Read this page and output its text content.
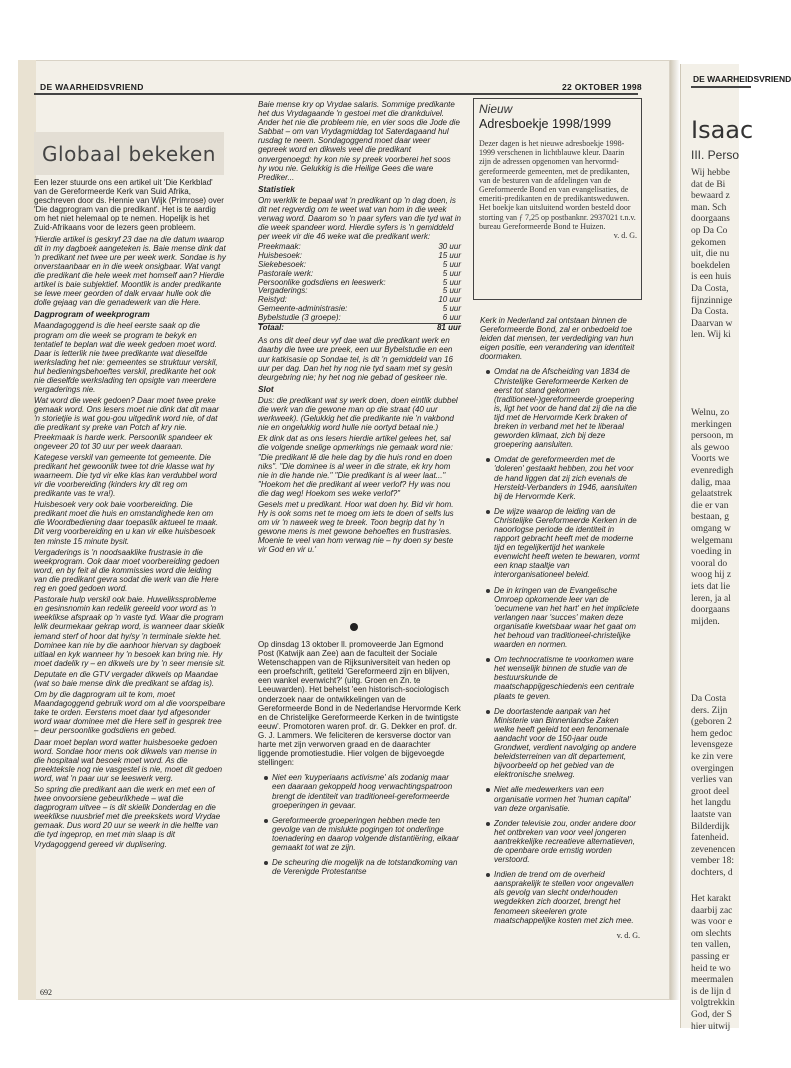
DE WAARHEIDSVRIEND	22 OKTOBER 1998
Globaal bekeken

Een lezer stuurde ons een artikel uit 'Die Kerkblad' van de Gereformeerde Kerk van Suid Afrika, geschreven door ds. Hennie van Wijk (Primrose) over 'Die dagprogram van die predikant'. Het is te aardig om het niet helemaal op te nemen. Hopelijk is het Zuid-Afrikaans voor de lezers geen probleem.

'Hierdie artikel is geskryf 23 dae na die datum waarop dit in my dagboek aangeteken is. Baie mense dink dat 'n predikant net twee ure per week werk. Sondae is hy onverstaanbaar en in die week onsigbaar. Wat vangt die predikant die hele week met homself aan? Hierdie artikel is baie subjektief. Moontlik is ander predikante se lewe meer georden of dalk ervaar hulle ook die dolle gejaag van die genadewerk van die Here.

Dagprogram of weekprogram

Maandagoggend is die heel eerste saak op die program om die week se program te bekyk en tentatief te beplan wat die week gedoen moet word. Daar is letterlik nie twee predikante wat dieselfde werkslading het nie: gemeentes se struktuur verskil, hul bedieningsbehoeftes verskil, predikante het ook nie dieselfde werkslading ten opsigte van meerdere vergaderings nie.

Wat word die week gedoen? Daar moet twee preke gemaak word. Ons lesers moet nie dink dat dit maar 'n storietjie is wat gou-gou uitgedink word nie, of dat die predikant sy preke van Potch af kry nie. Preekmaak is harde werk. Persoonlik spandeer ek ongeveer 20 tot 30 uur per week daaraan.

Kategese verskil van gemeente tot gemeente. Die predikant het gewoonlik twee tot drie klasse wat hy waarneem. Die tyd vir elke klas kan verdubbel word vir die voorbereiding (kinders kry dit reg om predikante vas te vra!).

Huisbesoek very ook baie voorbereiding. Die predikant moet die huis en omstandighede ken om die Woordbediening daar toepaslik aktueel te maak. Dit verg voorbereiding en u kan vir elke huisbesoek ten minste 15 minute bysit.

Vergaderings is 'n noodsaaklike frustrasie in die weekprogram. Ook daar moet voorbereiding gedoen word, en by feit al die kommissies word die leiding van die predikant gevra sodat die werk van die Here reg en goed gedoen word.

Pastorale hulp verskil ook baie. Huwelikssprobleme en gesinsnomin kan redelik gereeld voor word as 'n weeklikse afspraak op 'n vaste tyd. Waar die program lelik deurmekaar gekrap word, is wanneer daar skielik iemand sterf of hoor dat hy/sy 'n terminale siekte het. Dominee kan nie by die aanhoor hiervan sy dagboek uitlaal en kyk wanneer hy 'n besoek kan bring nie. Hy moet dadelik ry – en dikwels ure by 'n seer mensie sit.

Deputate en die GTV vergader dikwels op Maandae (wat so baie mense dink die predikant se afdag is).

Om by die dagprogram uit te kom, moet Maandagoggend gebruik word om al die voorspelbare take te orden. Eerstens moet daar tyd afgesonder word waar dominee met die Here self in gesprek tree – deur persoonlike godsdiens en gebed.

Daar moet beplan word watter huisbesoeke gedoen word. Sondae hoor mens ook dikwels van mense in die hospitaal wat besoek moet word. As die preekteksle nog nie vasgestel is nie, moet dit gedoen word, wat 'n paar uur se leeswerk verg.

So spring die predikant aan die werk en met een of twee onvoorsiene gebeurlikhede – wat die dagprogram uitvee – is dit skielik Donderdag en die weeklikse nuusbrief met die preekskets word Vrydae gemaak. Dus word 20 uur se weerk in die helfte van die tyd ingeprop, en met min slaap is dit Vrydagoggend gereed vir duplisering.

Baie mense kry op Vrydae salaris. Sommige predikante het dus Vrydagaande 'n gestoei met die drankduivel. Ander het nie die probleem nie, en vier soos die Jode die Sabbat – om van Vrydagmiddag tot Saterdagaand hul rusdag te neem. Sondagoggend moet daar weer gepreek word en dikwels veel die predikant onvergenoegd: hy kon nie sy preek voorberei het soos hy wou nie. Gelukkig is die Heilige Gees die ware Prediker...

Statistiek

Om werklik te bepaal wat 'n predikant op 'n dag doen, is dit net regverdig om te weet wat van hom in die week verwag word. Daarom so 'n paar syfers van die tyd wat in die week spandeer word. Hierdie syfers is 'n gemiddeld per week vir die 46 weke wat die predikant werk:

Preekmaak:	30 uur
Huisbesoek:	15 uur
Siekebesoek:	5 uur
Pastorale werk:	5 uur
Persoonlike godsdiens en leeswerk:	5 uur
Vergaderings:	5 uur
Reistyd:	10 uur
Gemeente-administrasie:	5 uur
Bybelstudie (3 groepe):	6 uur
Totaal:	81 uur

As ons dit deel deur vyf dae wat die predikant werk en daarby die twee ure preek, een uur Bybelstudie en een uur katkisasie op Sondae tel, is dit 'n gemiddeld van 16 uur per dag. Dan het hy nog nie tyd saam met sy gesin deurgebring nie; hy het nog nie gebad of geskeer nie.

Slot

Dus: die predikant wat sy werk doen, doen eintlik dubbel die werk van die gewone man op die straat (40 uur werkweek). (Gelukkig het die predikante nie 'n vakbond nie en ongelukkig word hulle nie oortyd betaal nie.)

Ek dink dat as ons lesers hierdie artikel gelees het, sal die volgende snelige opmerkings nie gemaak word nie: "Die predikant lê die hele dag by die huis rond en doen niks". "Die dominee is al weer in die strate, ek kry hom nie in die hande nie." "Die predikant is al weer laat..." "Hoekom het die predikant al weer verlof? Hy was nou die dag weg! Hoekom ses weke verlof?"

Gesels met u predikant. Hoor wat doen hy. Bid vir hom. Hy is ook soms net te moeg om iets te doen of selfs lus om vir 'n naweek weg te breek. Toon begrip dat hy 'n gewone mens is met gewone behoeftes en frustrasies. Moenie te veel van hom verwag nie – hy doen sy beste vir God en vir u.'

Op dinsdag 13 oktober ll. promoveerde Jan Egmond Post (Katwijk aan Zee) aan de faculteit der Sociale Wetenschappen van de Rijksuniversiteit van heden op een proefschrift, getiteld 'Gereformeerd zijn en blijven, een wankel evenwicht?' (uitg. Groen en Zn. te Leeuwarden). Het behelst 'een historisch-sociologisch onderzoek naar de ontwikkelingen van de Gereformeerde Bond in de Nederlandse Hervormde Kerk en de Christelijke Gereformeerde Kerken in de twintigste eeuw'. Promotoren waren prof. dr. G. Dekker en prof. dr. G. J. Lammers. We feliciteren de kersverse doctor van harte met zijn verworven graad en de daarachter liggende promotiestudie. Hier volgen de bijgevoegde stellingen:

Niet een 'kuyperiaans activisme' als zodanig maar een daaraan gekoppeld hoog verwachtingspatroon brengt de identiteit van traditioneel-gereformeerde groeperingen in gevaar.
Gereformeerde groeperingen hebben mede ten gevolge van de mislukte pogingen tot onderlinge toenadering en daarop volgende distantiëring, elkaar gemaakt tot wat ze zijn.
De scheuring die mogelijk na de totstandkoming van de Verenigde Protestantse
Nieuw
Adresboekje 1998/1999
Dezer dagen is het nieuwe adresboekje 1998-1999 verschenen in lichtblauwe kleur. Daarin zijn de adressen opgenomen van hervormd-gereformeerde gemeenten, met de predikanten, van de besturen van de afdelingen van de Gereformeerde Bond en van evangelisaties, de emeriti-predikanten en de predikantsweduwen.
Het boekje kan uitsluitend worden besteld door storting van ƒ 7,25 op postbanknr. 2937021 t.n.v. bureau Gereformeerde Bond te Huizen.
v. d. G.

Kerk in Nederland zal ontstaan binnen de Gereformeerde Bond, zal er onbedoeld toe leiden dat mensen, ter verdediging van hun eigen positie, een verandering van identiteit doormaken.

Omdat na de Afscheiding van 1834 de Christelijke Gereformeerde Kerken de eerst tot stand gekomen (traditioneel-)gereformeerde groepering is, ligt het voor de hand dat zij die na die tijd met de Hervormde Kerk braken of breken in verband met het te liberaal geworden klimaat, zich bij deze groepering aansluiten.
Omdat de gereformeerden met de 'doleren' gestaakt hebben, zou het voor de hand liggen dat zij zich evenals de Hersteld-Verbanders in 1946, aansluiten bij de Hervormde Kerk.
De wijze waarop de leiding van de Christelijke Gereformeerde Kerken in de naoorlogse periode de identiteit in rapport gebracht heeft met de moderne tijd en tegelijkertijd het wankele evenwicht heeft weten te bewaren, vormt een knap staaltje van interorganisationeel beleid.
De in kringen van de Evangelische Omroep opkomende leer van de 'oecumene van het hart' en het impliciete verlangen naar 'succes' maken deze organisatie kwetsbaar waar het gaat om het behoud van traditioneel-christelijke waarden en normen.
Om technocratisme te voorkomen ware het wenselijk binnen de studie van de bestuurskunde de maatschappijgeschiedenis een centrale plaats te geven.
De doortastende aanpak van het Ministerie van Binnenlandse Zaken welke heeft geleid tot een fenomenale aandacht voor de 150-jaar oude Grondwet, verdient navolging op andere beleidsterreinen van dit departement, bijvoorbeeld op het gebied van de elektronische snelweg.
Niet alle medewerkers van een organisatie vormen het 'human capital' van deze organisatie.
Zonder televisie zou, onder andere door het ontbreken van voor veel jongeren aantrekkelijke recreatieve alternatieven, de openbare orde ernstig worden verstoord.
Indien de trend om de overheid aansprakelijk te stellen voor ongevallen als gevolg van slecht onderhouden wegdekken zich doorzet, brengt het fenomeen skeeleren grote maatschappelijke kosten met zich mee.
v. d. G.
692
DE WAARHEIDSVRIEND
Isaac
III. Perso
Wij hebbe
dat de Bi
bewaard z
man. Sch
doorgaans
op Da Co
gekomen
uit, die nu
boekdelen
is een huis
Da Costa,
fijnzinnige
Da Costa.
Daarvan w
len. Wij ki
Welnu, zo
merkingen
persoon, m
als gewoo
Voorts we
evenredigh
dalig, maa
gelaatstrek
die er van
bestaan, g
omgang w
welgemanı
voeding in
vooral do
woog hij z
iets dat lie
leren, ja al
doorgaans
mijden.
Da Costa
ders. Zijn
(geboren 2
hem gedoc
levensgeze
ke zin vere
overgingen
verlies van
groot deel
het langdu
laatste van
Bilderdijk
fatenheid.
zevenencen
vember 18:
dochters, d
Het karakt
daarbij zac
was voor e
om slechts
ten vallen,
passing er
heid te wo
meermalen
is de lijn d
volgtrekkin
God, der S
hier uitwij
